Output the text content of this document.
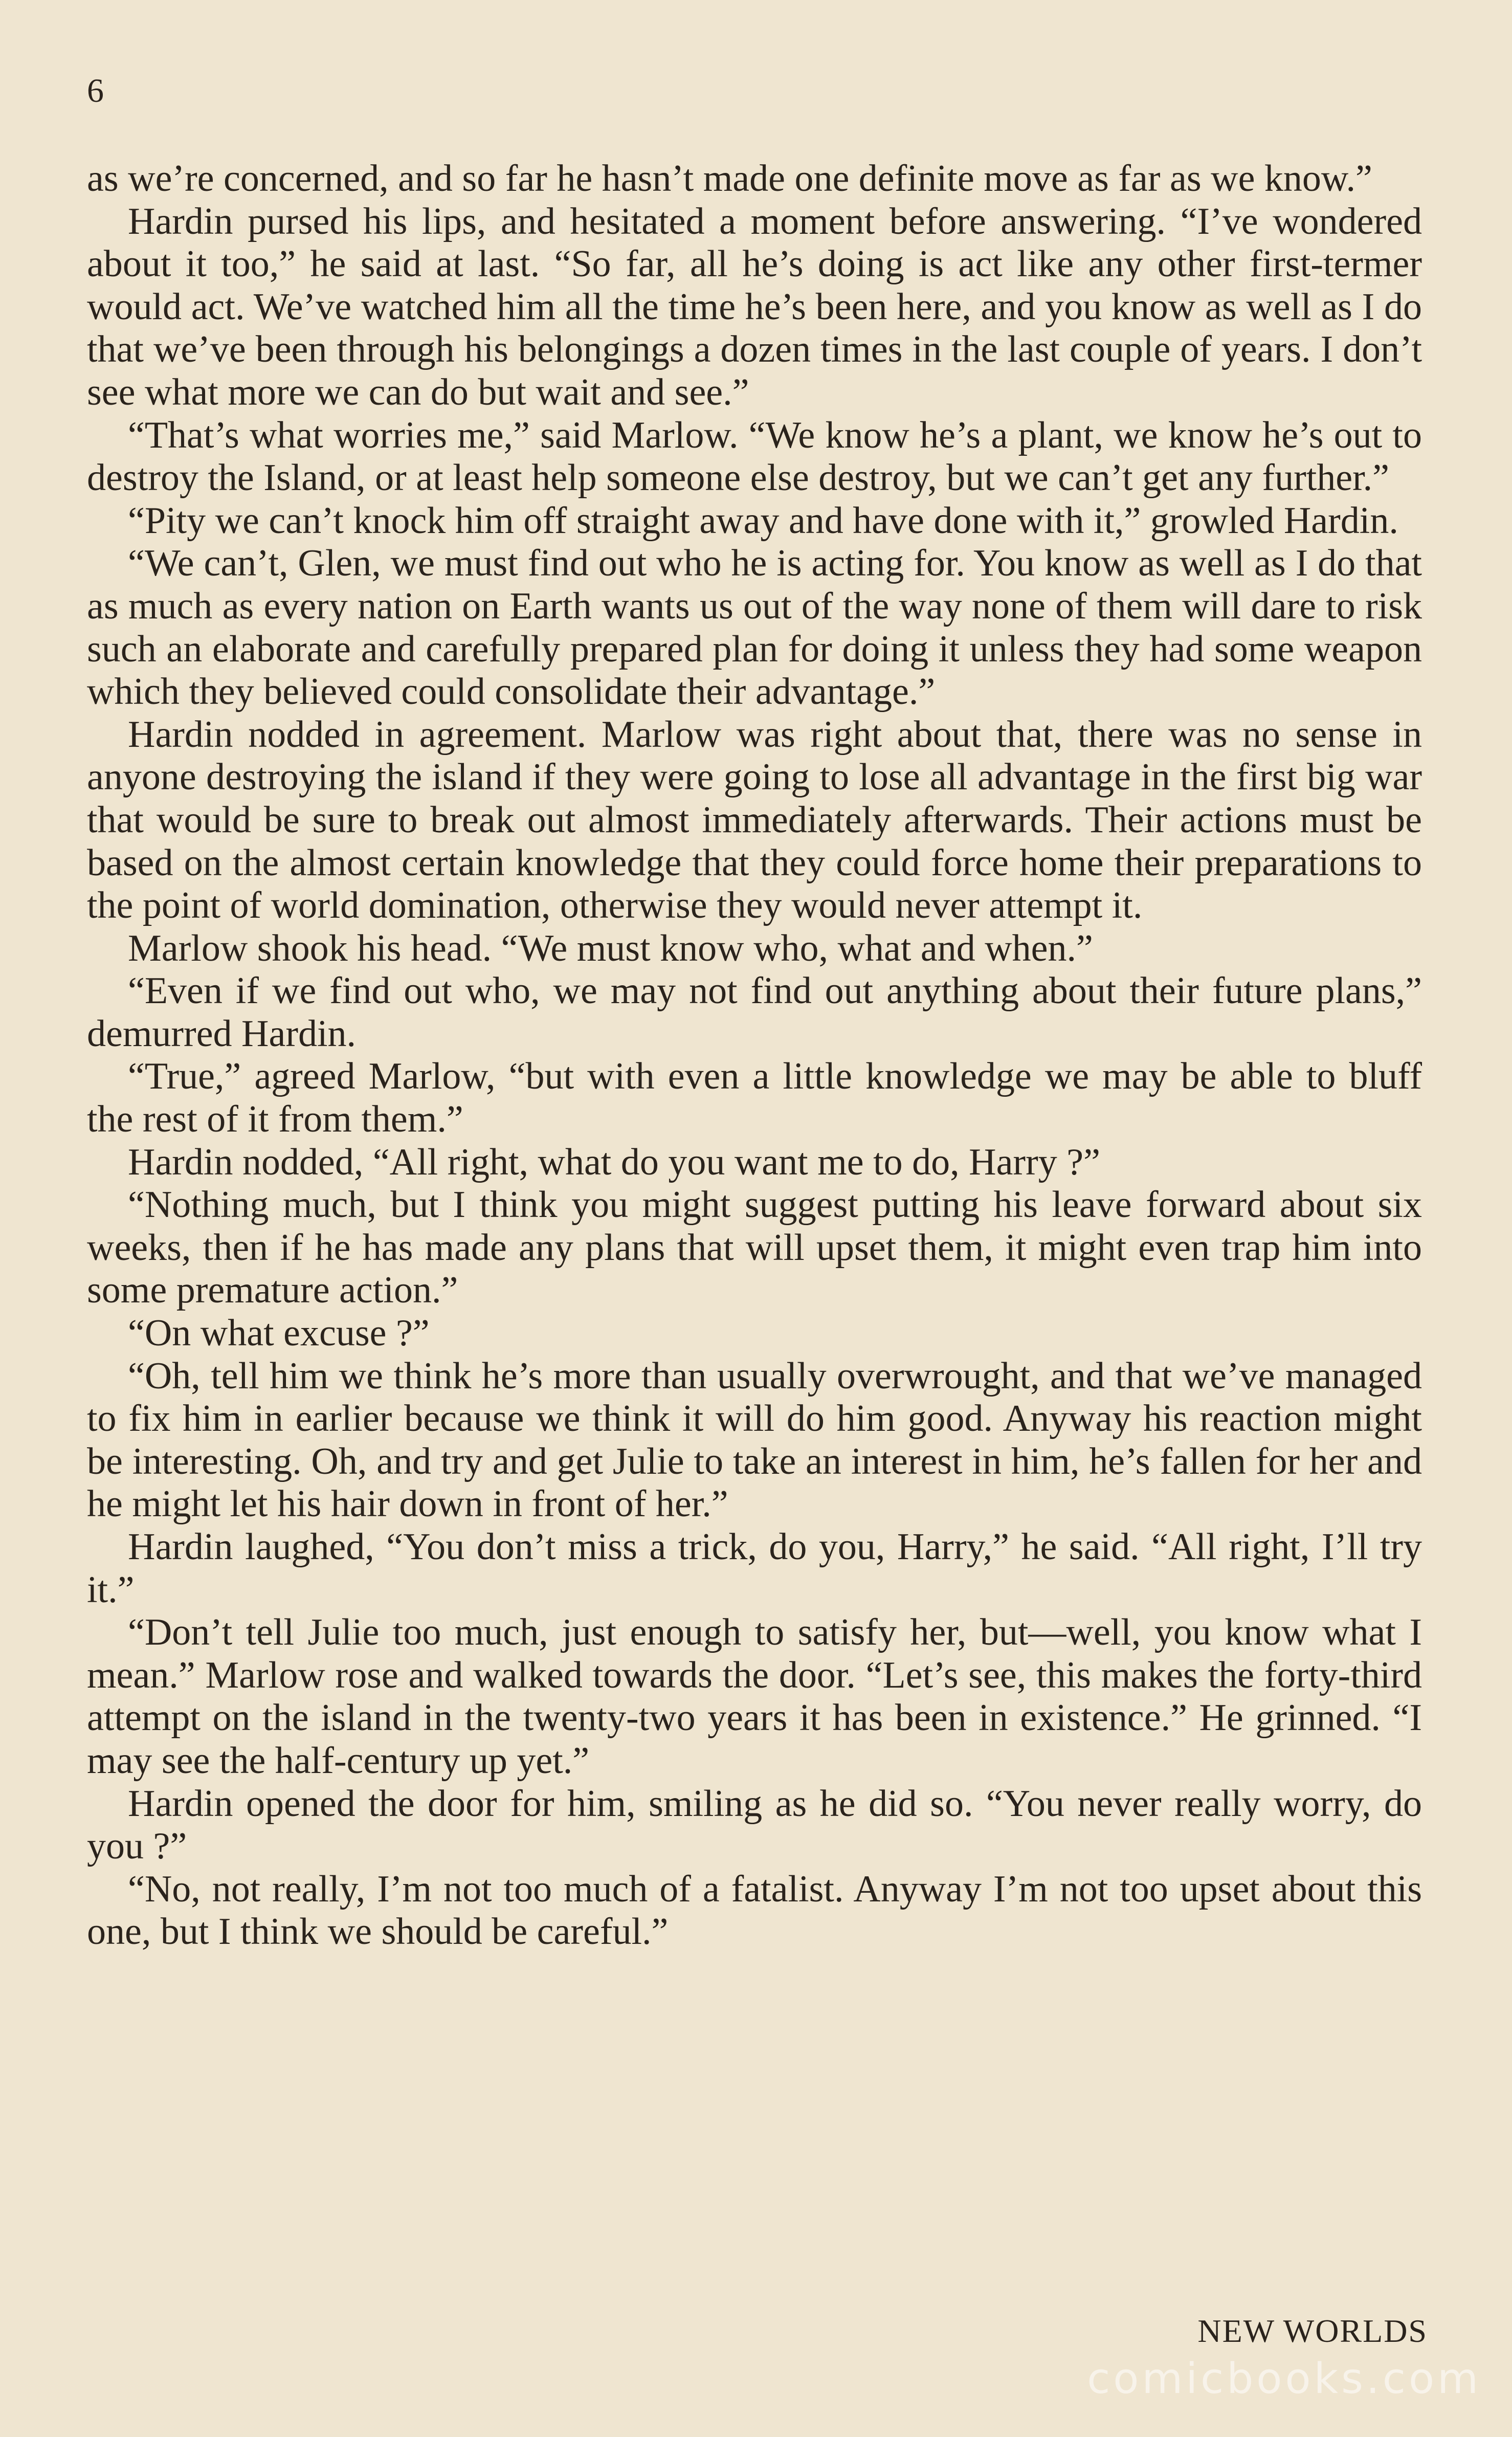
6

as we’re concerned, and so far he hasn’t made one definite move as far as we know.”

Hardin pursed his lips, and hesitated a moment before answering. “I’ve wondered about it too,” he said at last. “So far, all he’s doing is act like any other first-termer would act. We’ve watched him all the time he’s been here, and you know as well as I do that we’ve been through his belongings a dozen times in the last couple of years. I don’t see what more we can do but wait and see.”

“That’s what worries me,” said Marlow. “We know he’s a plant, we know he’s out to destroy the Island, or at least help someone else destroy, but we can’t get any further.”

“Pity we can’t knock him off straight away and have done with it,” growled Hardin.

“We can’t, Glen, we must find out who he is acting for. You know as well as I do that as much as every nation on Earth wants us out of the way none of them will dare to risk such an elaborate and carefully prepared plan for doing it unless they had some weapon which they believed could consolidate their advantage.”

Hardin nodded in agreement. Marlow was right about that, there was no sense in anyone destroying the island if they were going to lose all advantage in the first big war that would be sure to break out almost immediately afterwards. Their actions must be based on the almost certain knowledge that they could force home their preparations to the point of world domination, otherwise they would never attempt it.

Marlow shook his head. “We must know who, what and when.”

“Even if we find out who, we may not find out anything about their future plans,” demurred Hardin.

“True,” agreed Marlow, “but with even a little knowledge we may be able to bluff the rest of it from them.”

Hardin nodded, “All right, what do you want me to do, Harry ?”

“Nothing much, but I think you might suggest putting his leave forward about six weeks, then if he has made any plans that will upset them, it might even trap him into some premature action.”

“On what excuse ?”

“Oh, tell him we think he’s more than usually overwrought, and that we’ve managed to fix him in earlier because we think it will do him good. Anyway his reaction might be interesting. Oh, and try and get Julie to take an interest in him, he’s fallen for her and he might let his hair down in front of her.”

Hardin laughed, “You don’t miss a trick, do you, Harry,” he said. “All right, I’ll try it.”

“Don’t tell Julie too much, just enough to satisfy her, but—well, you know what I mean.” Marlow rose and walked towards the door. “Let’s see, this makes the forty-third attempt on the island in the twenty-two years it has been in existence.” He grinned. “I may see the half-century up yet.”

Hardin opened the door for him, smiling as he did so. “You never really worry, do you ?”

“No, not really, I’m not too much of a fatalist. Anyway I’m not too upset about this one, but I think we should be careful.”

NEW WORLDS
comicbooks.com
